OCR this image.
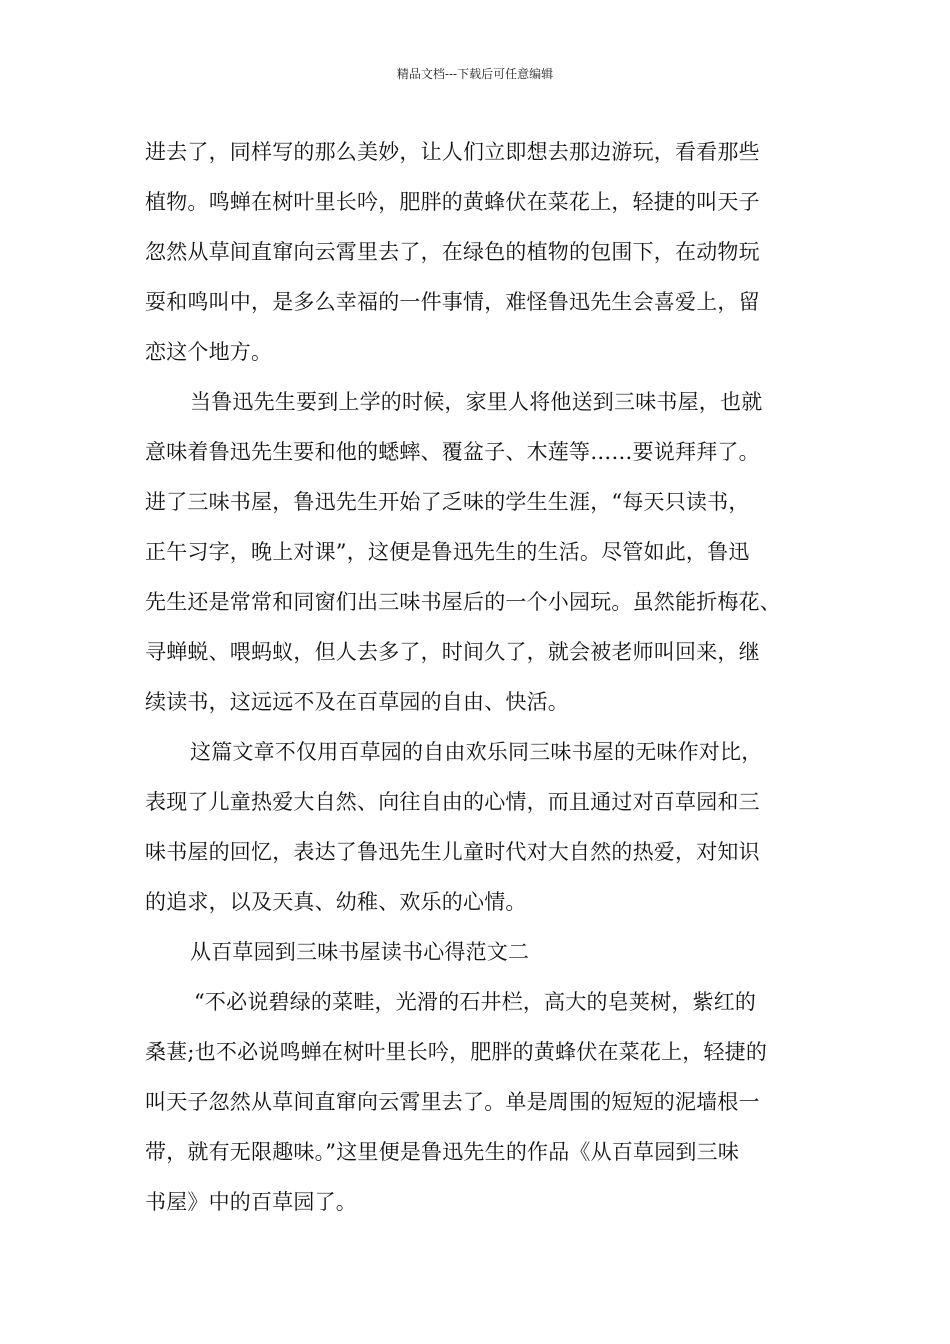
精品文档---下载后可任意编辑
进去了，同样写的那么美妙，让人们立即想去那边游玩，看看那些
植物。鸣蝉在树叶里长吟，肥胖的黄蜂伏在菜花上，轻捷的叫天子
忽然从草间直窜向云霄里去了，在绿色的植物的包围下，在动物玩
耍和鸣叫中，是多么幸福的一件事情，难怪鲁迅先生会喜爱上，留
恋这个地方。
当鲁迅先生要到上学的时候，家里人将他送到三味书屋，也就
意味着鲁迅先生要和他的蟋蟀、覆盆子、木莲等……要说拜拜了。
进了三味书屋，鲁迅先生开始了乏味的学生生涯，“每天只读书，
正午习字，晚上对课”，这便是鲁迅先生的生活。尽管如此，鲁迅
先生还是常常和同窗们出三味书屋后的一个小园玩。虽然能折梅花、
寻蝉蜕、喂蚂蚁，但人去多了，时间久了，就会被老师叫回来，继
续读书，这远远不及在百草园的自由、快活。
这篇文章不仅用百草园的自由欢乐同三味书屋的无味作对比，
表现了儿童热爱大自然、向往自由的心情，而且通过对百草园和三
味书屋的回忆，表达了鲁迅先生儿童时代对大自然的热爱，对知识
的追求，以及天真、幼稚、欢乐的心情。
从百草园到三味书屋读书心得范文二
“不必说碧绿的菜畦，光滑的石井栏，高大的皂荚树，紫红的
桑葚;也不必说鸣蝉在树叶里长吟，肥胖的黄蜂伏在菜花上，轻捷的
叫天子忽然从草间直窜向云霄里去了。单是周围的短短的泥墙根一
带，就有无限趣味。”这里便是鲁迅先生的作品《从百草园到三味
书屋》中的百草园了。
